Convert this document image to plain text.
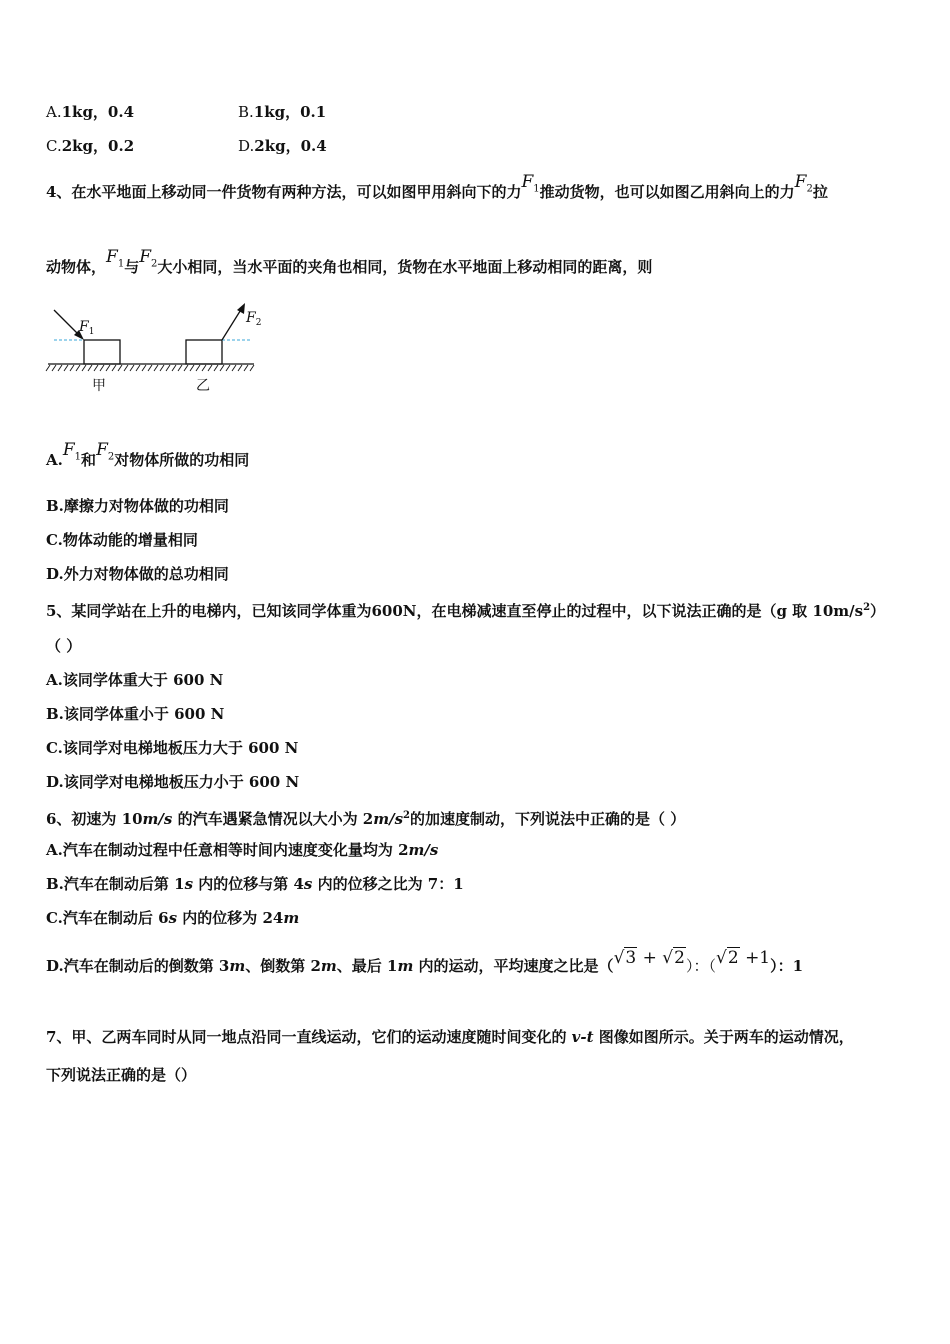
A.1kg，0.4	B.1kg，0.1
C.2kg，0.2	D.2kg，0.4
4、在水平地面上移动同一件货物有两种方法，可以如图甲用斜向下的力$F_1$推动货物，也可以如图乙用斜向上的力$F_2$拉
动物体，$F_1$与$F_2$大小相同，当水平面的夹角也相同，货物在水平地面上移动相同的距离，则
$F_1$
甲
$F_2$
乙
$A.F_1$和$F_2$对物体所做的功相同
B.摩擦力对物体做的功相同
C.物体动能的增量相同
D.外力对物体做的总功相同
5、某同学站在上升的电梯内，已知该同学体重为600N，在电梯减速直至停止的过程中，以下说法正确的是（g 取 $10m/s^2$）
（ ）
A.该同学体重大于 600 N
B.该同学体重小于 600 N
C.该同学对电梯地板压力大于 600 N
D.该同学对电梯地板压力小于 600 N
6、初速为 10m/s 的汽车遇紧急情况以大小为 $2m/s^2$的加速度制动，下列说法中正确的是（ ）
A.汽车在制动过程中任意相等时间内速度变化量均为 2m/s
B.汽车在制动后第 1s 内的位移与第 4s 内的位移之比为 7：1
C.汽车在制动后 6s 内的位移为 24m
D.汽车在制动后的倒数第 3m、倒数第 2m、最后 1m 内的运动，平均速度之比是（√3 + √2）：（√2 +1）：1
7、甲、乙两车同时从同一地点沿同一直线运动，它们的运动速度随时间变化的 v-t 图像如图所示。关于两车的运动情况，
下列说法正确的是（）
